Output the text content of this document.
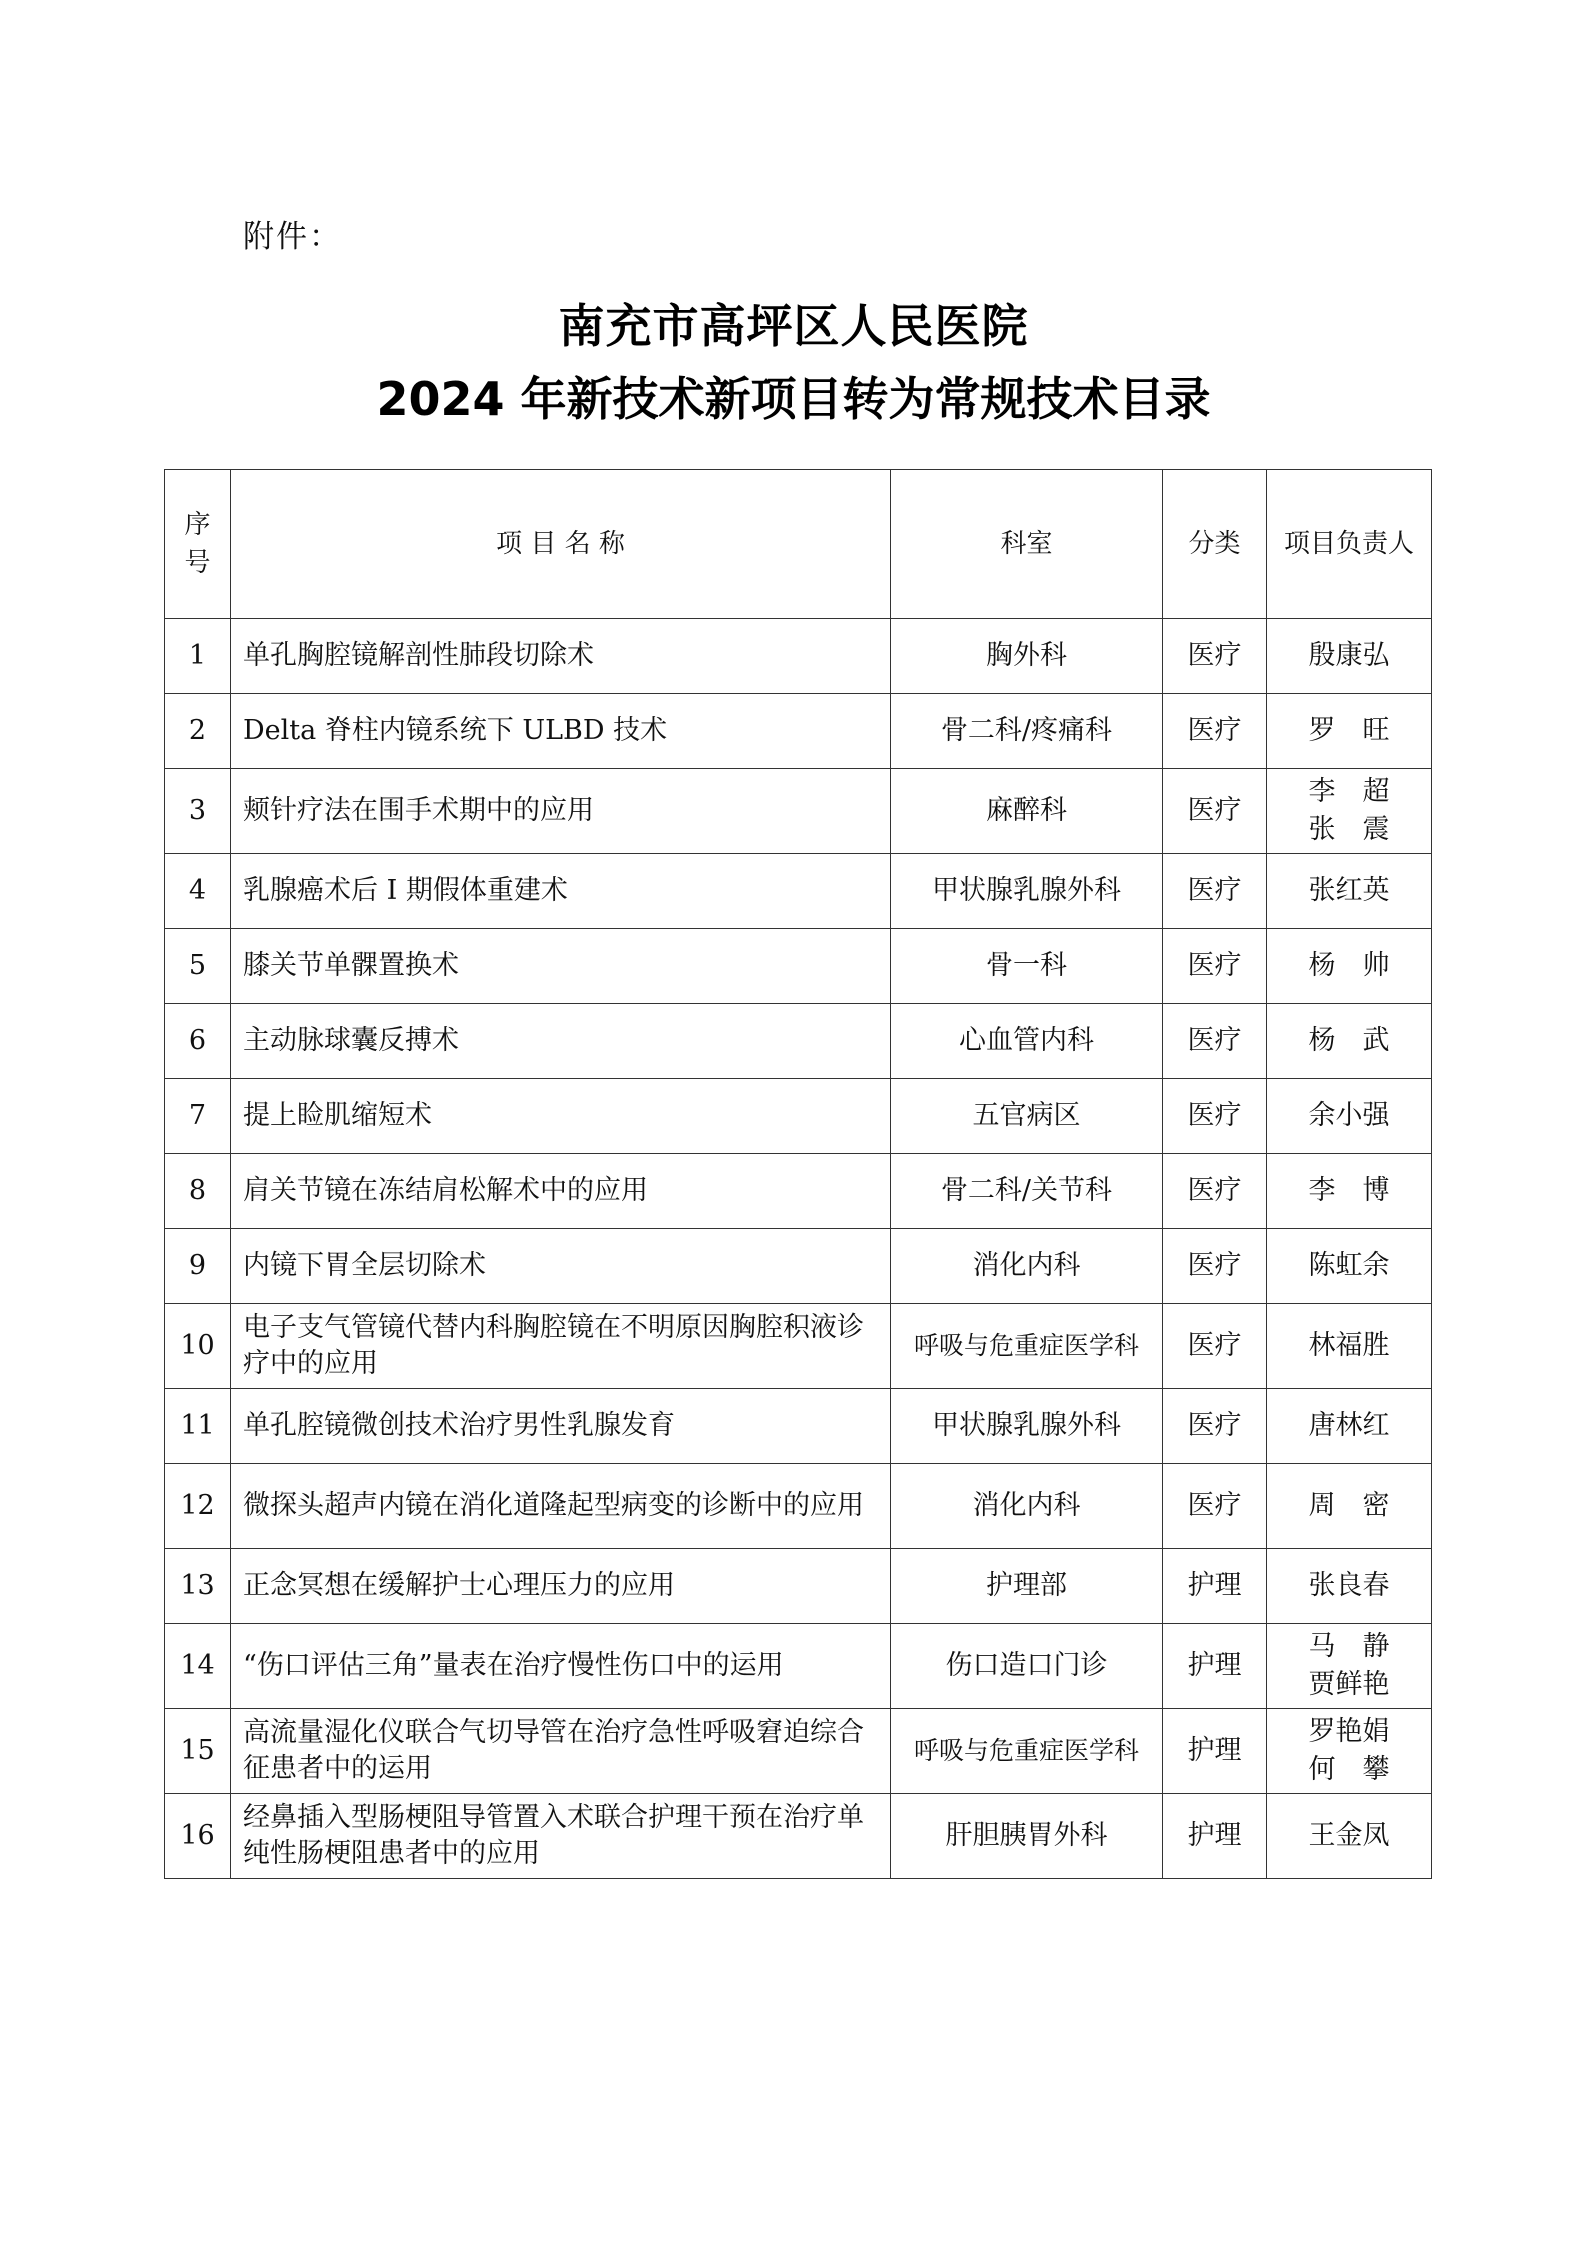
附件：
南充市高坪区人民医院
2024 年新技术新项目转为常规技术目录
序
号	项 目 名 称	科室	分类	项目负责人
1	单孔胸腔镜解剖性肺段切除术	胸外科	医疗	殷康弘

2	Delta 脊柱内镜系统下 ULBD 技术	骨二科/疼痛科	医疗	罗　旺

3	颊针疗法在围手术期中的应用	麻醉科	医疗	李　超
张　震

4	乳腺癌术后 I 期假体重建术	甲状腺乳腺外科	医疗	张红英

5	膝关节单髁置换术	骨一科	医疗	杨　帅

6	主动脉球囊反搏术	心血管内科	医疗	杨　武

7	提上睑肌缩短术	五官病区	医疗	余小强

8	肩关节镜在冻结肩松解术中的应用	骨二科/关节科	医疗	李　博

9	内镜下胃全层切除术	消化内科	医疗	陈虹余

10	电子支气管镜代替内科胸腔镜在不明原因胸腔积液诊疗中的应用	呼吸与危重症医学科	医疗	林福胜

11	单孔腔镜微创技术治疗男性乳腺发育	甲状腺乳腺外科	医疗	唐林红

12	微探头超声内镜在消化道隆起型病变的诊断中的应用	消化内科	医疗	周　密

13	正念冥想在缓解护士心理压力的应用	护理部	护理	张良春

14	“伤口评估三角”量表在治疗慢性伤口中的运用	伤口造口门诊	护理	马　静
贾鲜艳

15	高流量湿化仪联合气切导管在治疗急性呼吸窘迫综合征患者中的运用	呼吸与危重症医学科	护理	罗艳娟
何　攀

16	经鼻插入型肠梗阻导管置入术联合护理干预在治疗单纯性肠梗阻患者中的应用	肝胆胰胃外科	护理	王金凤
